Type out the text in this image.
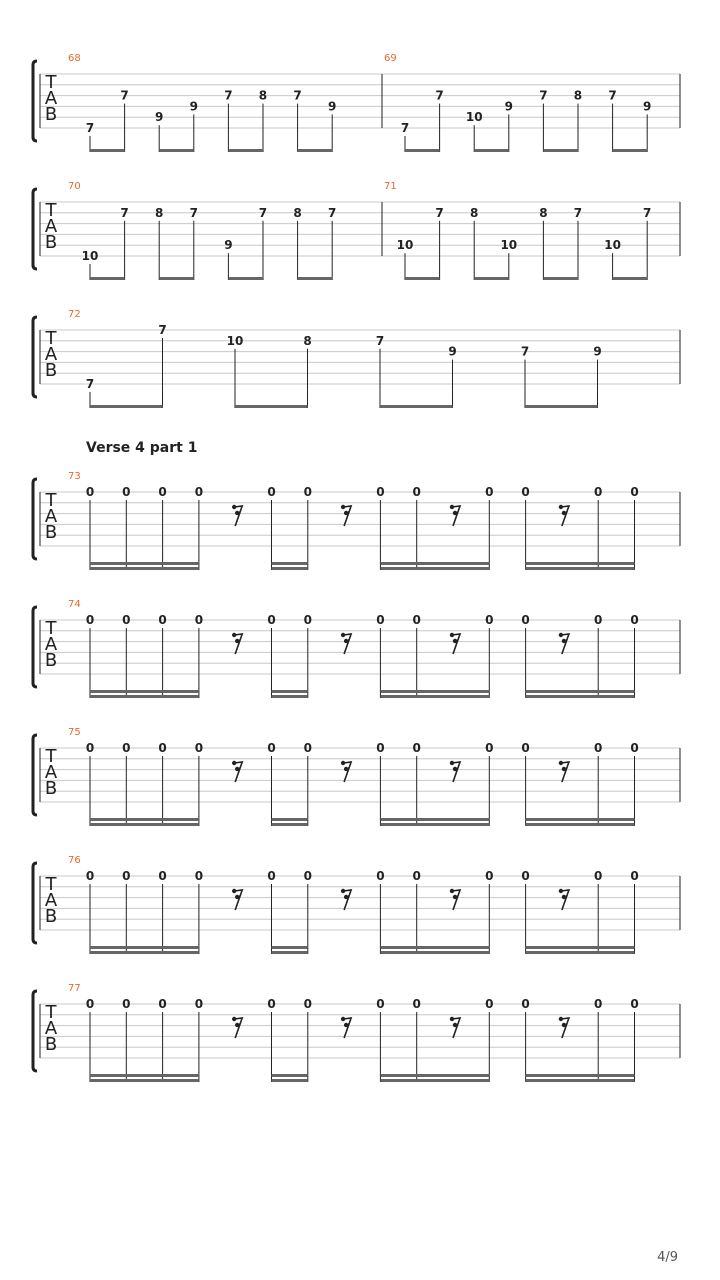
Verse 4 part 1
T
A
B
68
7
7
9
9
7 8 7
9
69
7
7
10
9
7 8 7
9
T
A
B
70
10
7 8 7
9
7 8 7
71
10
7 8
10
8 7
10
7
T
A
B
72
7
7
10	8	7
9	7	9
T
A
B
73
0 0 0 0	0 0	0 0	0 0	0 0
T
A
B
74
0 0 0 0	0 0	0 0	0 0	0 0
T
A
B
75
0 0 0 0	0 0	0 0	0 0	0 0
T
A
B
76
0 0 0 0	0 0	0 0	0 0	0 0
T
A
B
77
0 0 0 0	0 0	0 0	0 0	0 0
4/9
